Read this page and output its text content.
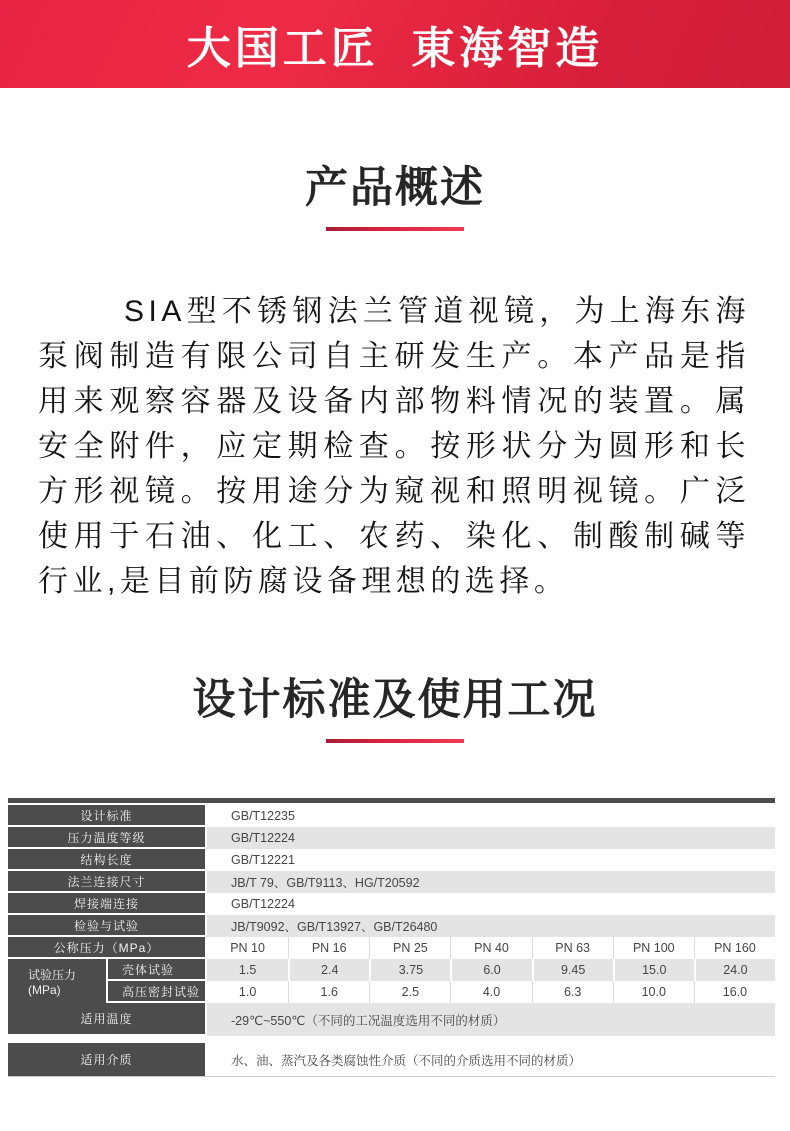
大国工匠  東海智造
产品概述

SIA型不锈钢法兰管道视镜，为上海东海泵阀制造有限公司自主研发生产。本产品是指用来观察容器及设备内部物料情况的装置。属安全附件，应定期检查。按形状分为圆形和长方形视镜。按用途分为窥视和照明视镜。广泛使用于石油、化工、农药、染化、制酸制碱等行业,是目前防腐设备理想的选择。

设计标准及使用工况
设计标准		GB/T12235						
压力温度等级		GB/T12224						
结构长度		GB/T12221						
法兰连接尺寸		JB/T 79、GB/T9113、HG/T20592						
焊接端连接		GB/T12224						
检验与试验		JB/T9092、GB/T13927、GB/T26480						
公称压力（MPa）		PN 10	PN 16	PN 25	PN 40	PN 63	PN 100	PN 160
试验压力(MPa)	壳体试验	1.5	2.4	3.75	6.0	9.45	15.0	24.0
	高压密封试验	1.0	1.6	2.5	4.0	6.3	10.0	16.0
适用温度		-29℃~550℃（不同的工况温度选用不同的材质）						

适用介质		水、油、蒸汽及各类腐蚀性介质（不同的介质选用不同的材质）						
